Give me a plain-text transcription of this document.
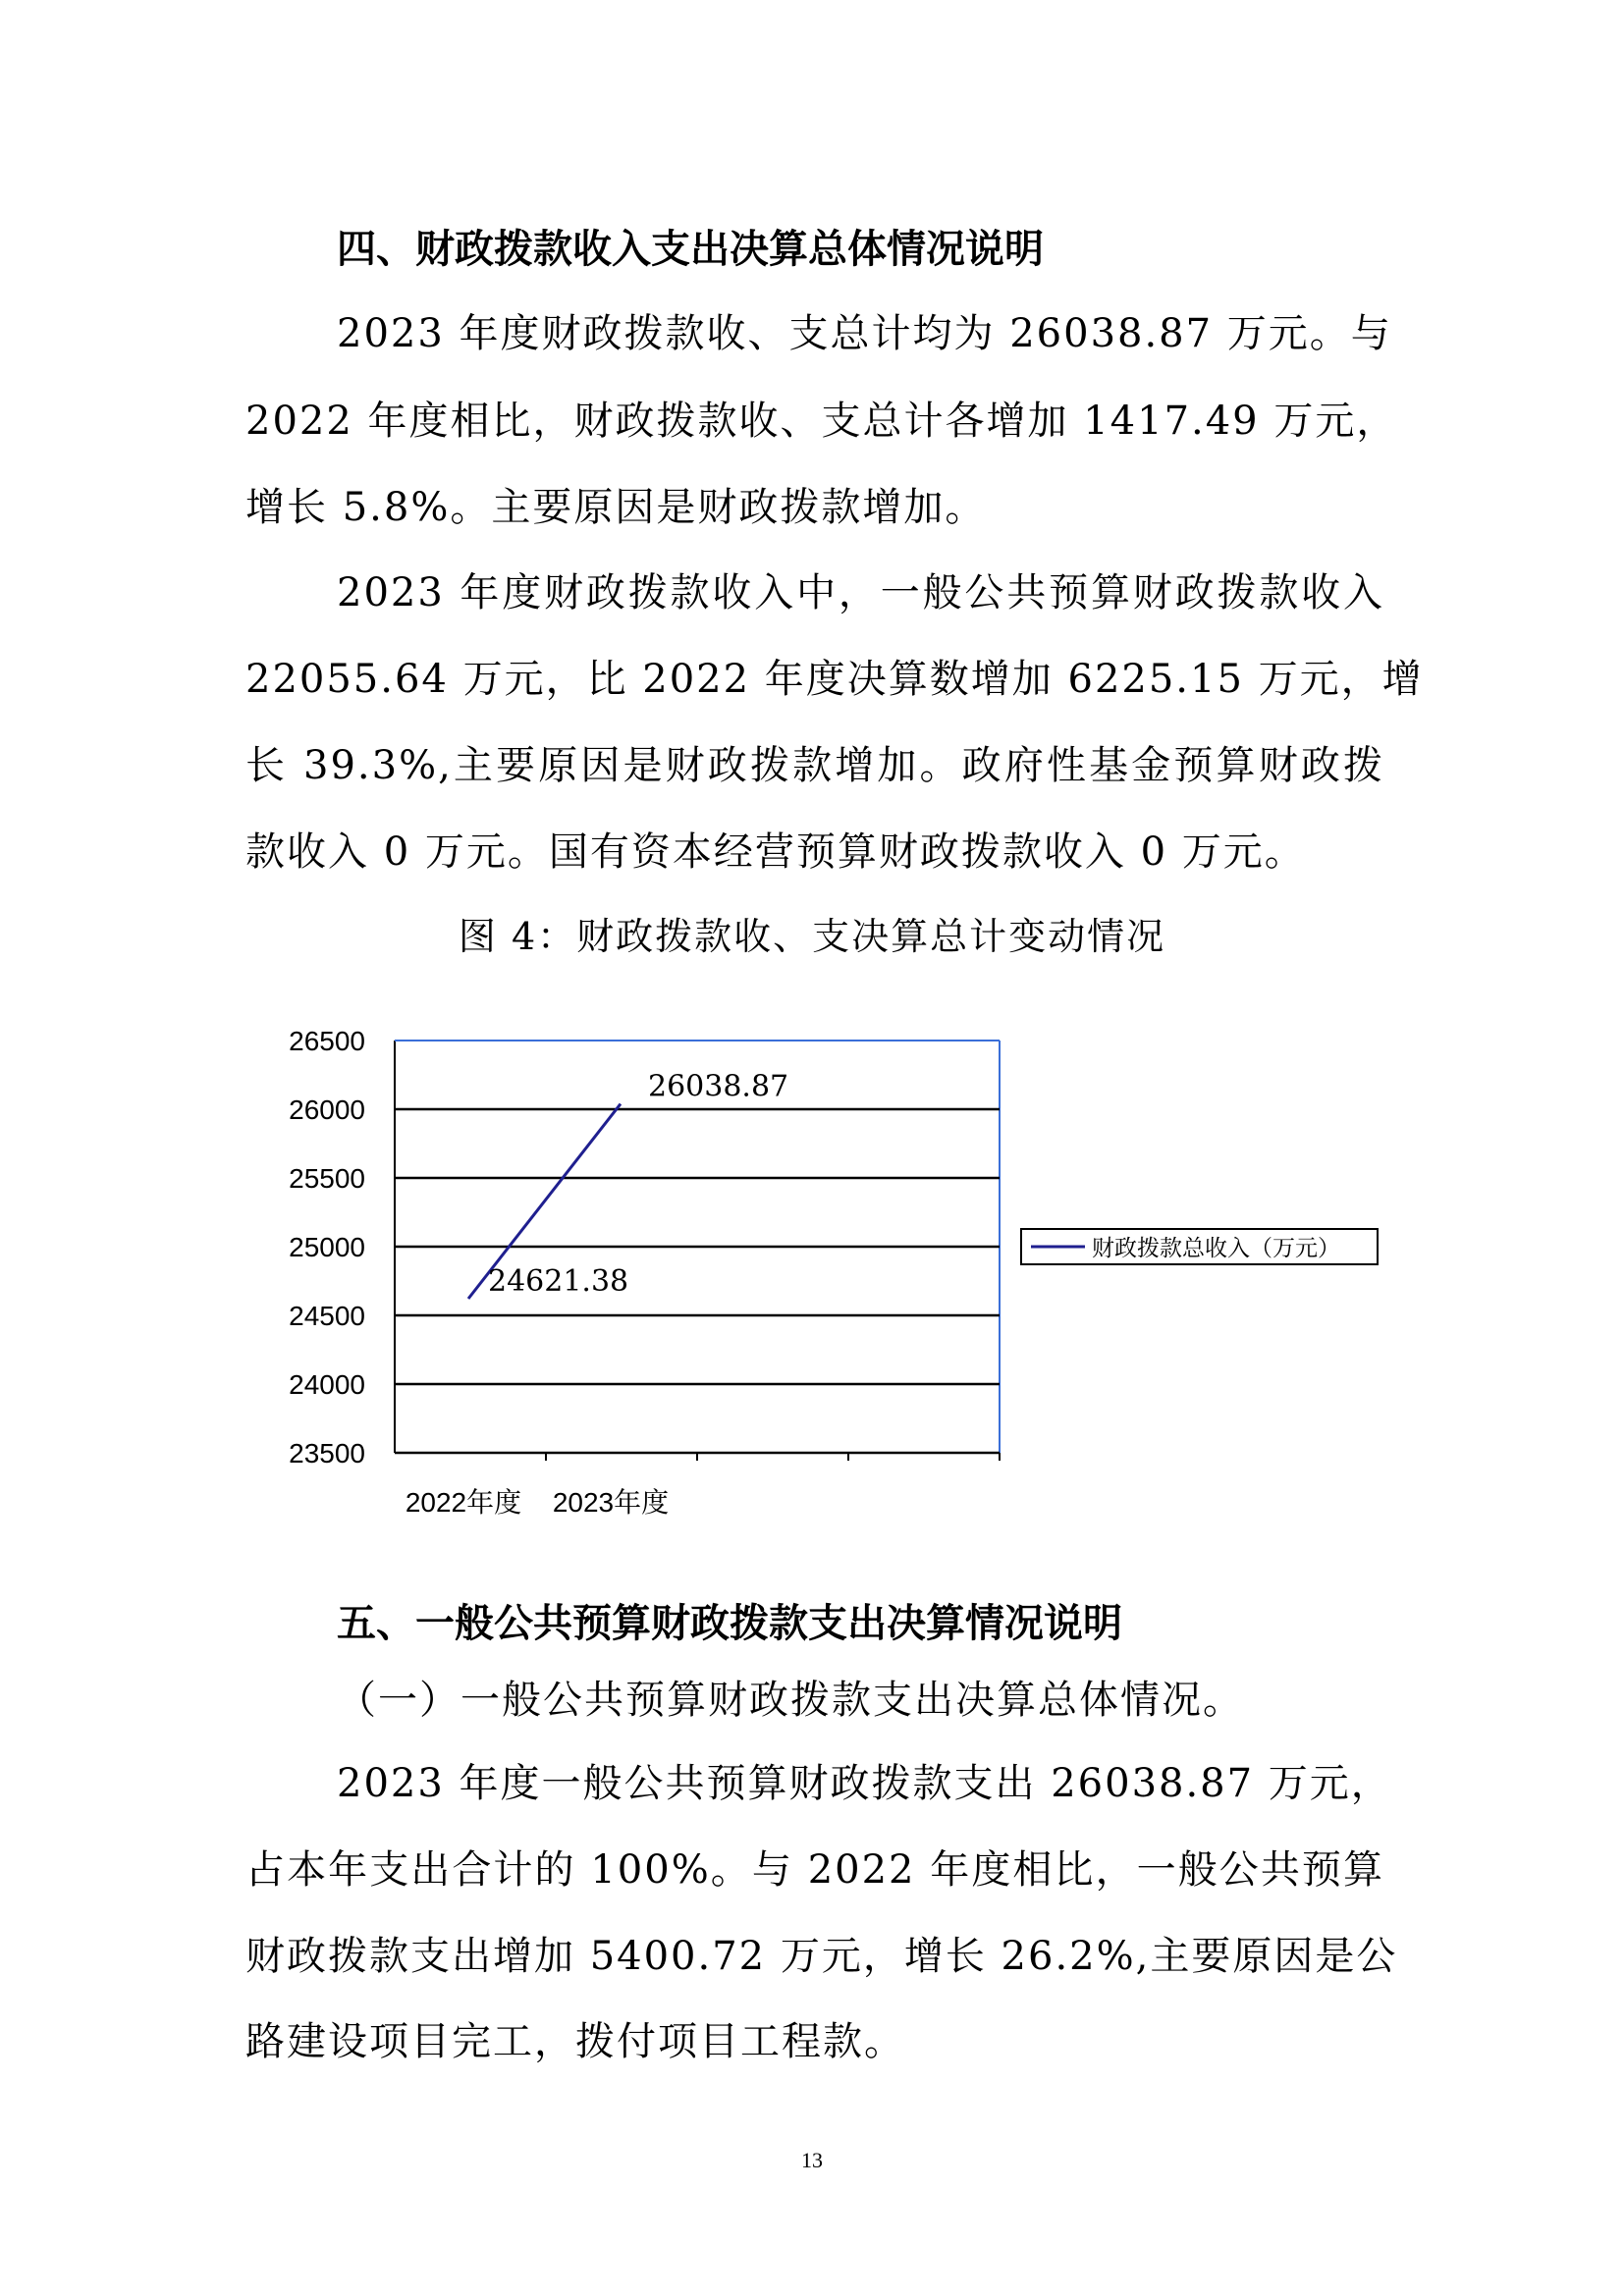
四、财政拨款收入支出决算总体情况说明
2023 年度财政拨款收、支总计均为 26038.87 万元。与
2022 年度相比，财政拨款收、支总计各增加 1417.49 万元，
增长 5.8%。主要原因是财政拨款增加。
2023 年度财政拨款收入中，一般公共预算财政拨款收入
22055.64 万元，比 2022 年度决算数增加 6225.15 万元，增
长 39.3%,主要原因是财政拨款增加。政府性基金预算财政拨
款收入 0 万元。国有资本经营预算财政拨款收入 0 万元。
图 4：财政拨款收、支决算总计变动情况
23500
24000
24500
25000
25500
26000
26500
2022年度 2023年度
24621.38
26038.87
财政拨款总收入（万元）
五、一般公共预算财政拨款支出决算情况说明
（一）一般公共预算财政拨款支出决算总体情况。
2023 年度一般公共预算财政拨款支出 26038.87 万元，
占本年支出合计的 100%。与 2022 年度相比，一般公共预算
财政拨款支出增加 5400.72 万元，增长 26.2%,主要原因是公
路建设项目完工，拨付项目工程款。
13
